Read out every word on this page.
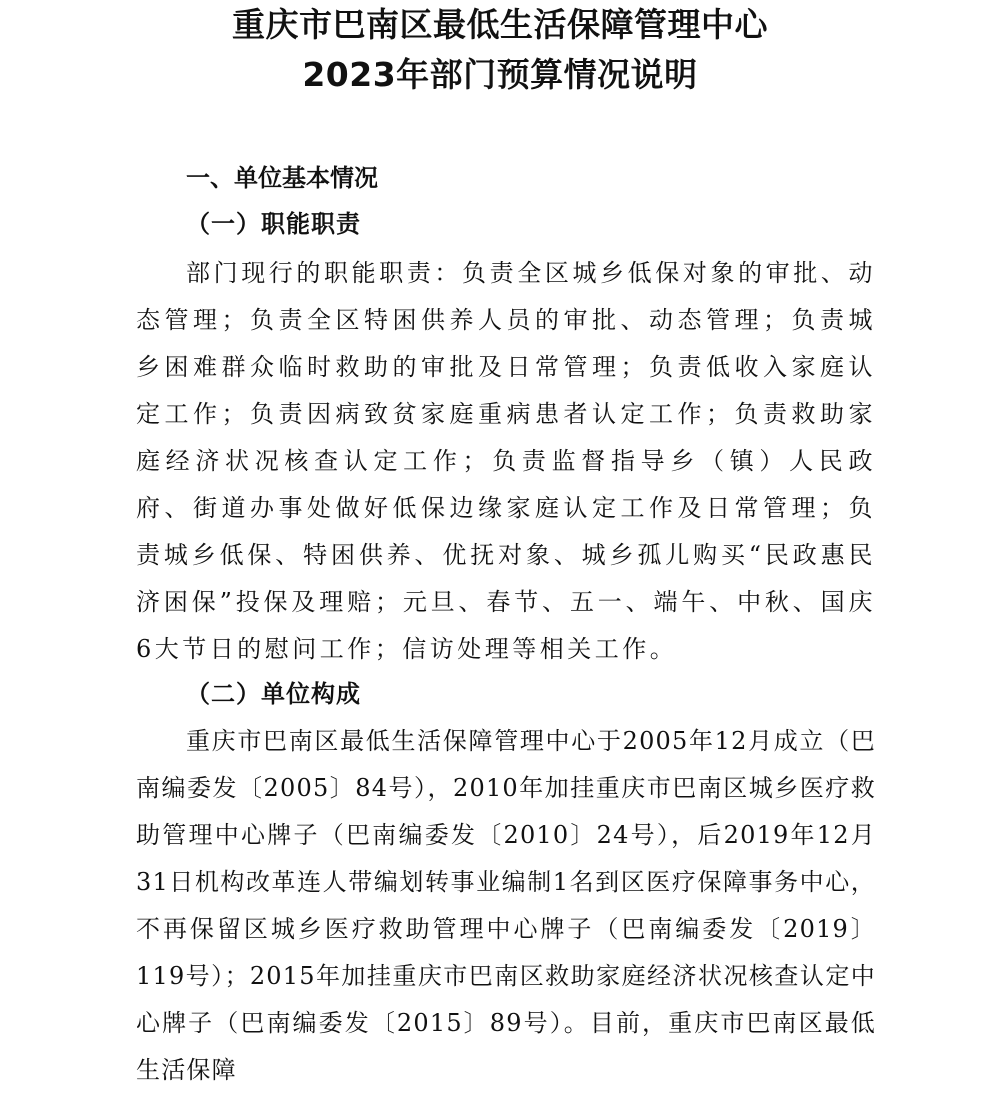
重庆市巴南区最低生活保障管理中心
2023年部门预算情况说明
一、单位基本情况
（一）职能职责

部门现行的职能职责：负责全区城乡低保对象的审批、动态管理；负责全区特困供养人员的审批、动态管理；负责城乡困难群众临时救助的审批及日常管理；负责低收入家庭认定工作；负责因病致贫家庭重病患者认定工作；负责救助家庭经济状况核查认定工作；负责监督指导乡（镇）人民政府、街道办事处做好低保边缘家庭认定工作及日常管理；负责城乡低保、特困供养、优抚对象、城乡孤儿购买“民政惠民济困保”投保及理赔；元旦、春节、五一、端午、中秋、国庆6大节日的慰问工作；信访处理等相关工作。

（二）单位构成

重庆市巴南区最低生活保障管理中心于2005年12月成立（巴南编委发〔2005〕84号），2010年加挂重庆市巴南区城乡医疗救助管理中心牌子（巴南编委发〔2010〕24号），后2019年12月31日机构改革连人带编划转事业编制1名到区医疗保障事务中心，不再保留区城乡医疗救助管理中心牌子（巴南编委发〔2019〕119号）；2015年加挂重庆市巴南区救助家庭经济状况核查认定中心牌子（巴南编委发〔2015〕89号）。目前，重庆市巴南区最低生活保障
